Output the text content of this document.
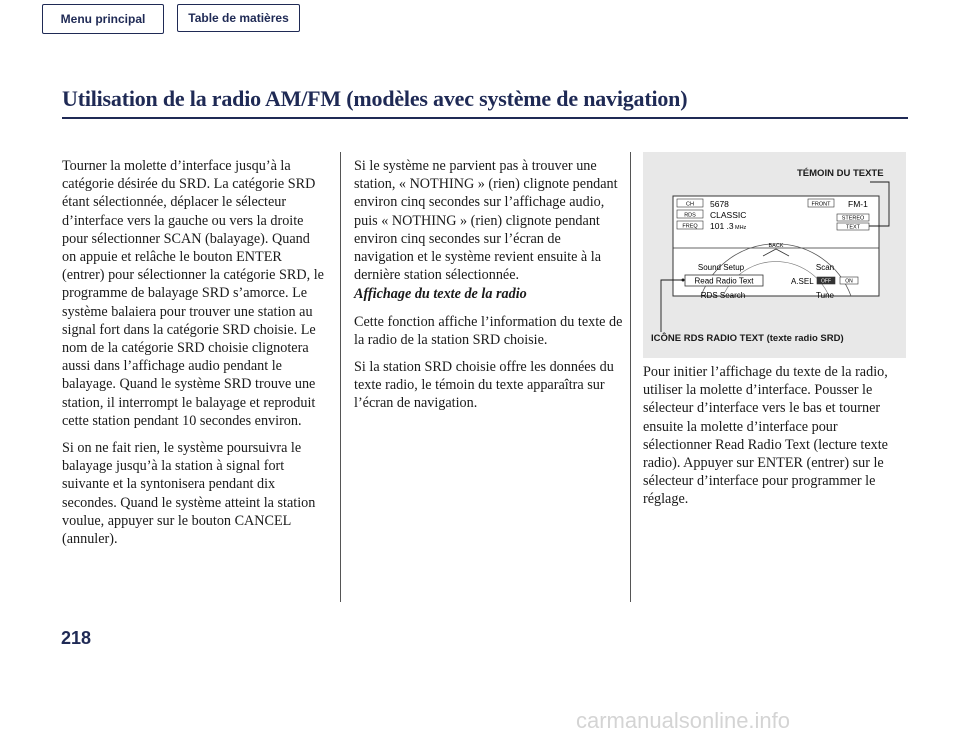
Menu principal	Table de matières
Utilisation de la radio AM/FM (modèles avec système de navigation)

Tourner la molette d’interface jusqu’à la catégorie désirée du SRD. La catégorie SRD étant sélectionnée, déplacer le sélecteur d’interface vers la gauche ou vers la droite pour sélectionner SCAN (balayage). Quand on appuie et relâche le bouton ENTER (entrer) pour sélectionner la catégorie SRD, le programme de balayage SRD s’amorce. Le système balaiera pour trouver une station au signal fort dans la catégorie SRD choisie. Le nom de la catégorie SRD choisie clignotera aussi dans l’affichage audio pendant le balayage. Quand le système SRD trouve une station, il interrompt le balayage et reproduit cette station pendant 10 secondes environ.

Si on ne fait rien, le système poursuivra le balayage jusqu’à la station à signal fort suivante et la syntonisera pendant dix secondes. Quand le système atteint la station voulue, appuyer sur le bouton CANCEL (annuler).

Si le système ne parvient pas à trouver une station, « NOTHING » (rien) clignote pendant environ cinq secondes sur l’affichage audio, puis « NOTHING » (rien) clignote pendant environ cinq secondes sur l’écran de navigation et le système revient ensuite à la dernière station sélectionnée.

Affichage du texte de la radio

Cette fonction affiche l’information du texte de la radio de la station SRD choisie.

Si la station SRD choisie offre les données du texte radio, le témoin du texte apparaîtra sur l’écran de navigation.

TÉMOIN DU TEXTE
CH
RDS
FREQ
5678
CLASSIC
101 .3 MHz
FRONT FM-1
STEREO
TEXT
BACK
Sound Setup
Read Radio Text
RDS Search
Scan
A.SEL OFF	ON
Tune
ICÔNE RDS RADIO TEXT (texte radio SRD)

Pour initier l’affichage du texte de la radio, utiliser la molette d’interface. Pousser le sélecteur d’interface vers le bas et tourner ensuite la molette d’interface pour sélectionner Read Radio Text (lecture texte radio). Appuyer sur ENTER (entrer) sur le sélecteur d’interface pour programmer le réglage.

218
carmanualsonline.info
